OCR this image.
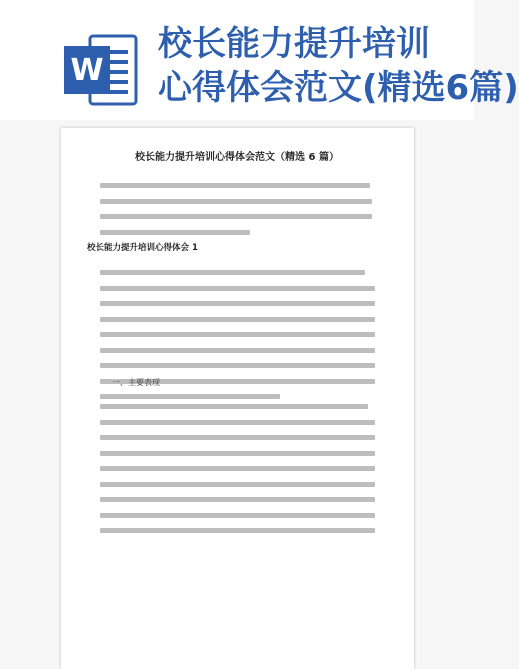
W
校长能力提升培训
心得体会范文(精选6篇)
校长能力提升培训心得体会范文（精选 6 篇）
校长能力提升培训心得体会 1
一、主要表现
